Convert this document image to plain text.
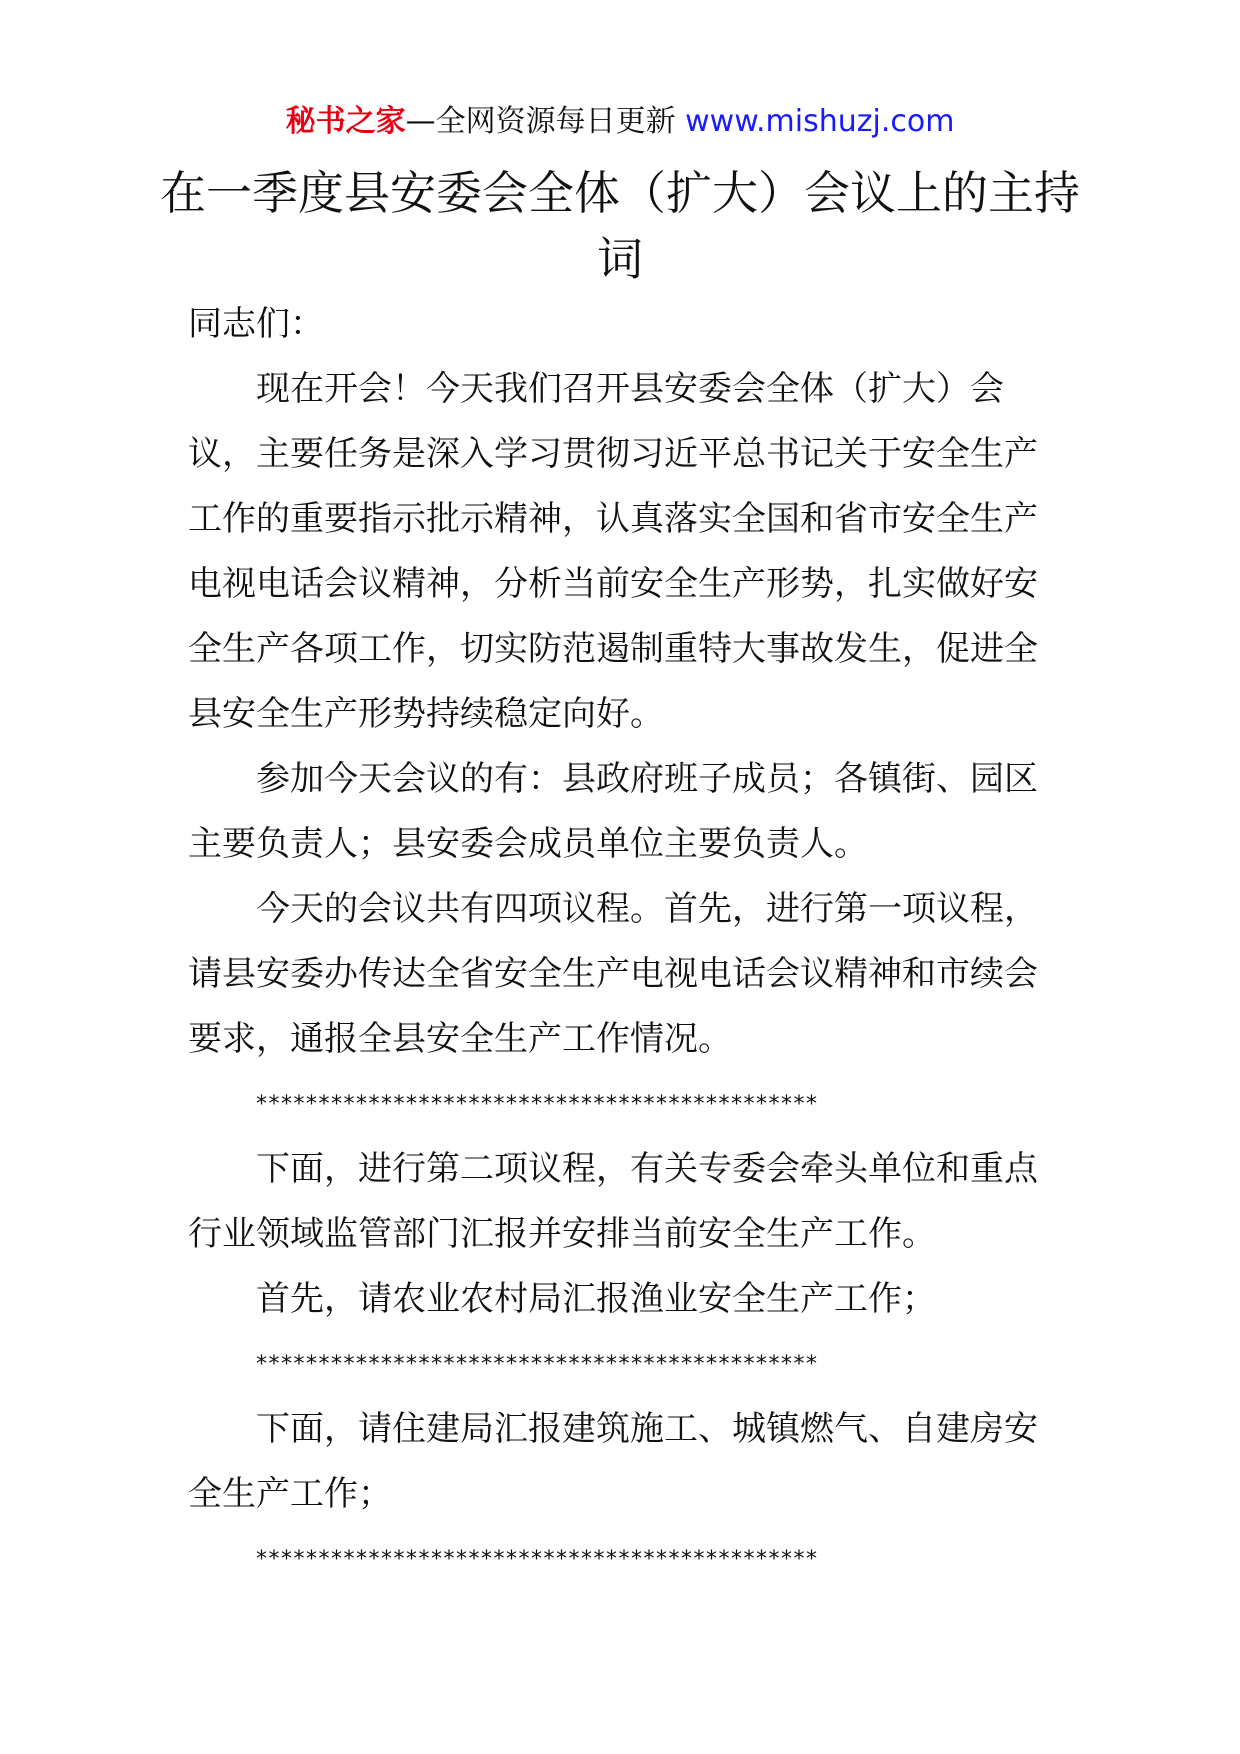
秘书之家—全网资源每日更新 www.mishuzj.com
在一季度县安委会全体（扩大）会议上的主持词

同志们：

现在开会！今天我们召开县安委会全体（扩大）会议，主要任务是深入学习贯彻习近平总书记关于安全生产工作的重要指示批示精神，认真落实全国和省市安全生产电视电话会议精神，分析当前安全生产形势，扎实做好安全生产各项工作，切实防范遏制重特大事故发生，促进全县安全生产形势持续稳定向好。

参加今天会议的有：县政府班子成员；各镇街、园区主要负责人；县安委会成员单位主要负责人。

今天的会议共有四项议程。首先，进行第一项议程，请县安委办传达全省安全生产电视电话会议精神和市续会要求，通报全县安全生产工作情况。

*********************************************

下面，进行第二项议程，有关专委会牵头单位和重点行业领域监管部门汇报并安排当前安全生产工作。

首先，请农业农村局汇报渔业安全生产工作；

*********************************************

下面，请住建局汇报建筑施工、城镇燃气、自建房安全生产工作；

*********************************************
